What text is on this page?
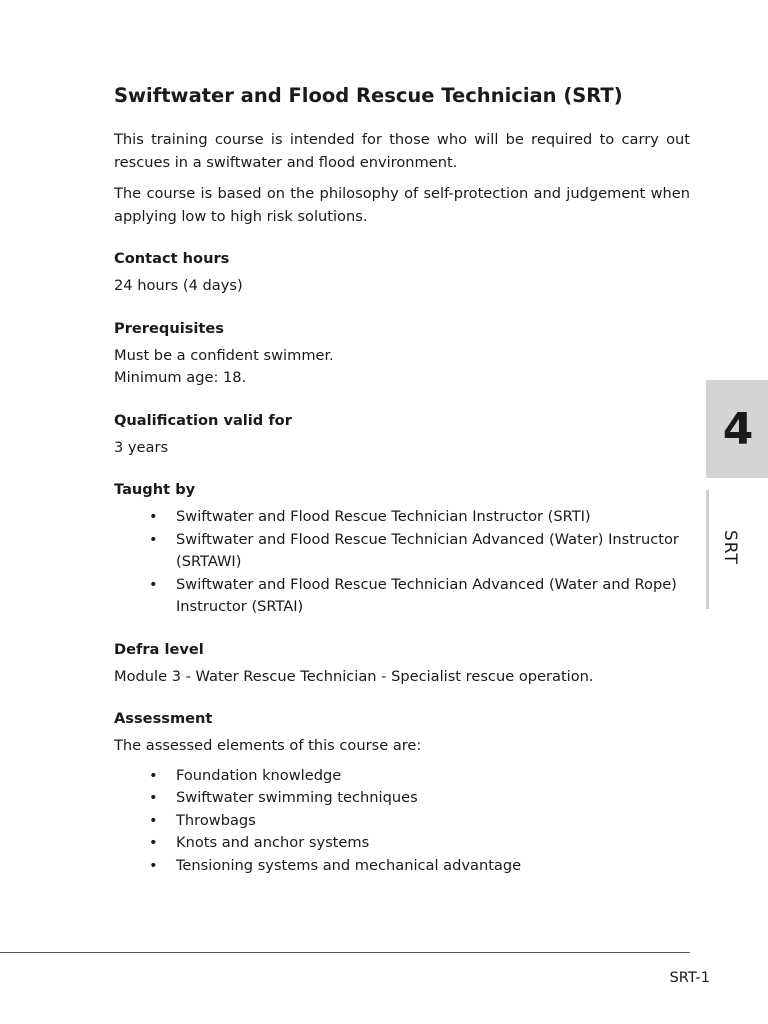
Swiftwater and Flood Rescue Technician (SRT)

This training course is intended for those who will be required to carry out rescues in a swiftwater and flood environment.

The course is based on the philosophy of self-protection and judgement when applying low to high risk solutions.

Contact hours
24 hours (4 days)
Prerequisites
Must be a confident swimmer.
Minimum age: 18.
Qualification valid for
3 years
Taught by
• Swiftwater and Flood Rescue Technician Instructor (SRTI)
• Swiftwater and Flood Rescue Technician Advanced (Water) Instructor (SRTAWI)
• Swiftwater and Flood Rescue Technician Advanced (Water and Rope) Instructor (SRTAI)
Defra level
Module 3 - Water Rescue Technician - Specialist rescue operation.
Assessment
The assessed elements of this course are:
• Foundation knowledge
• Swiftwater swimming techniques
• Throwbags
• Knots and anchor systems
• Tensioning systems and mechanical advantage
4
SRT
SRT-1
